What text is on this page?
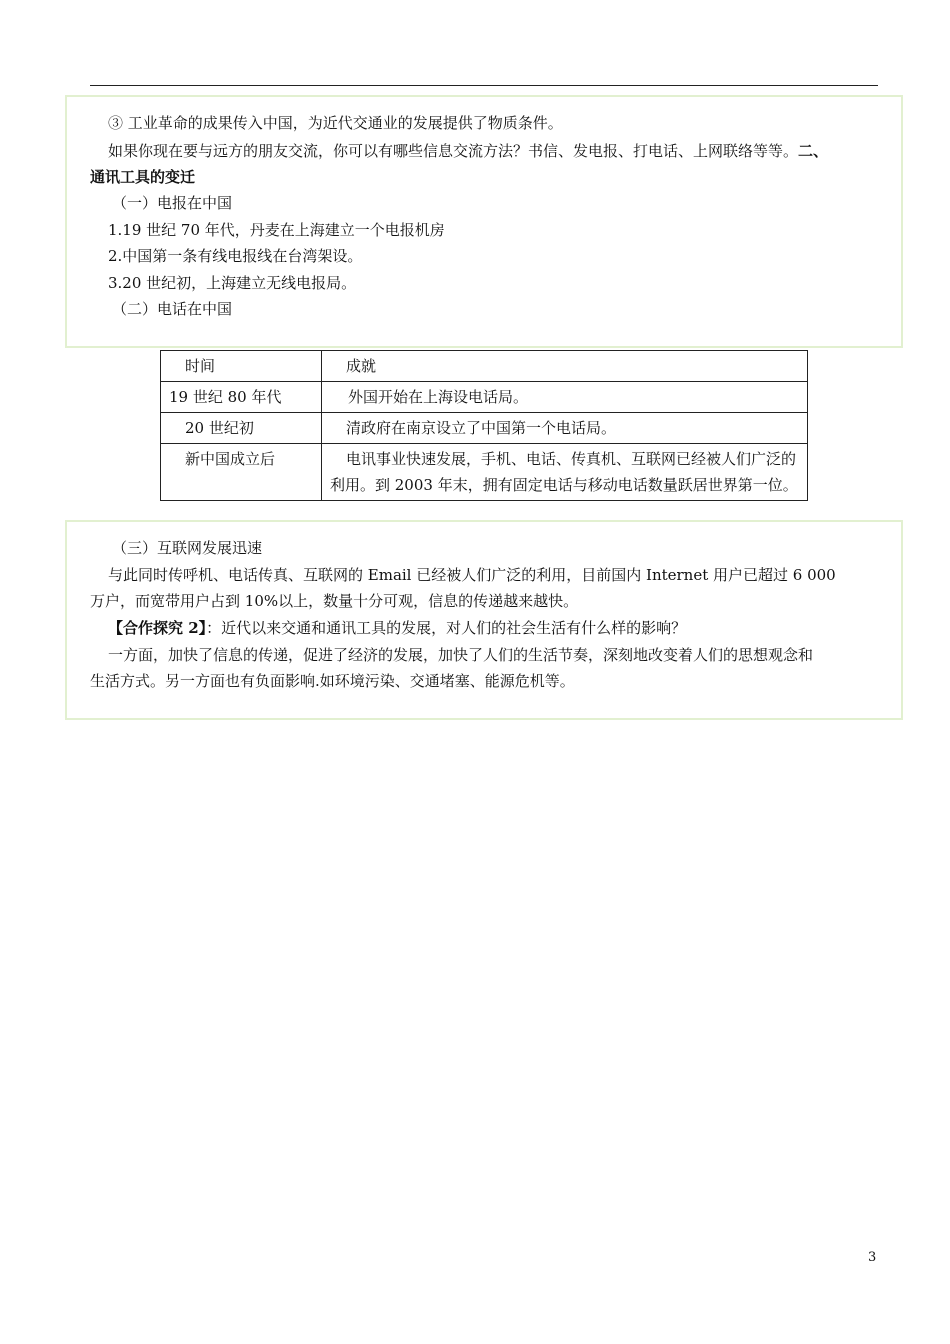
③ 工业革命的成果传入中国，为近代交通业的发展提供了物质条件。
如果你现在要与远方的朋友交流，你可以有哪些信息交流方法？书信、发电报、打电话、上网联络等等。二、
通讯工具的变迁
（一）电报在中国
1.19 世纪 70 年代，丹麦在上海建立一个电报机房
2.中国第一条有线电报线在台湾架设。
3.20 世纪初，上海建立无线电报局。
（二）电话在中国
时间	成就
19 世纪 80 年代	外国开始在上海设电话局。
20 世纪初	清政府在南京设立了中国第一个电话局。
新中国成立后	电讯事业快速发展，手机、电话、传真机、互联网已经被人们广泛的利用。到 2003 年末，拥有固定电话与移动电话数量跃居世界第一位。
（三）互联网发展迅速
与此同时传呼机、电话传真、互联网的 Email 已经被人们广泛的利用，目前国内 Internet 用户已超过 6 000
万户，而宽带用户占到 10%以上，数量十分可观，信息的传递越来越快。
【合作探究 2】：近代以来交通和通讯工具的发展，对人们的社会生活有什么样的影响？
一方面，加快了信息的传递，促进了经济的发展，加快了人们的生活节奏，深刻地改变着人们的思想观念和
生活方式。另一方面也有负面影响.如环境污染、交通堵塞、能源危机等。
3
